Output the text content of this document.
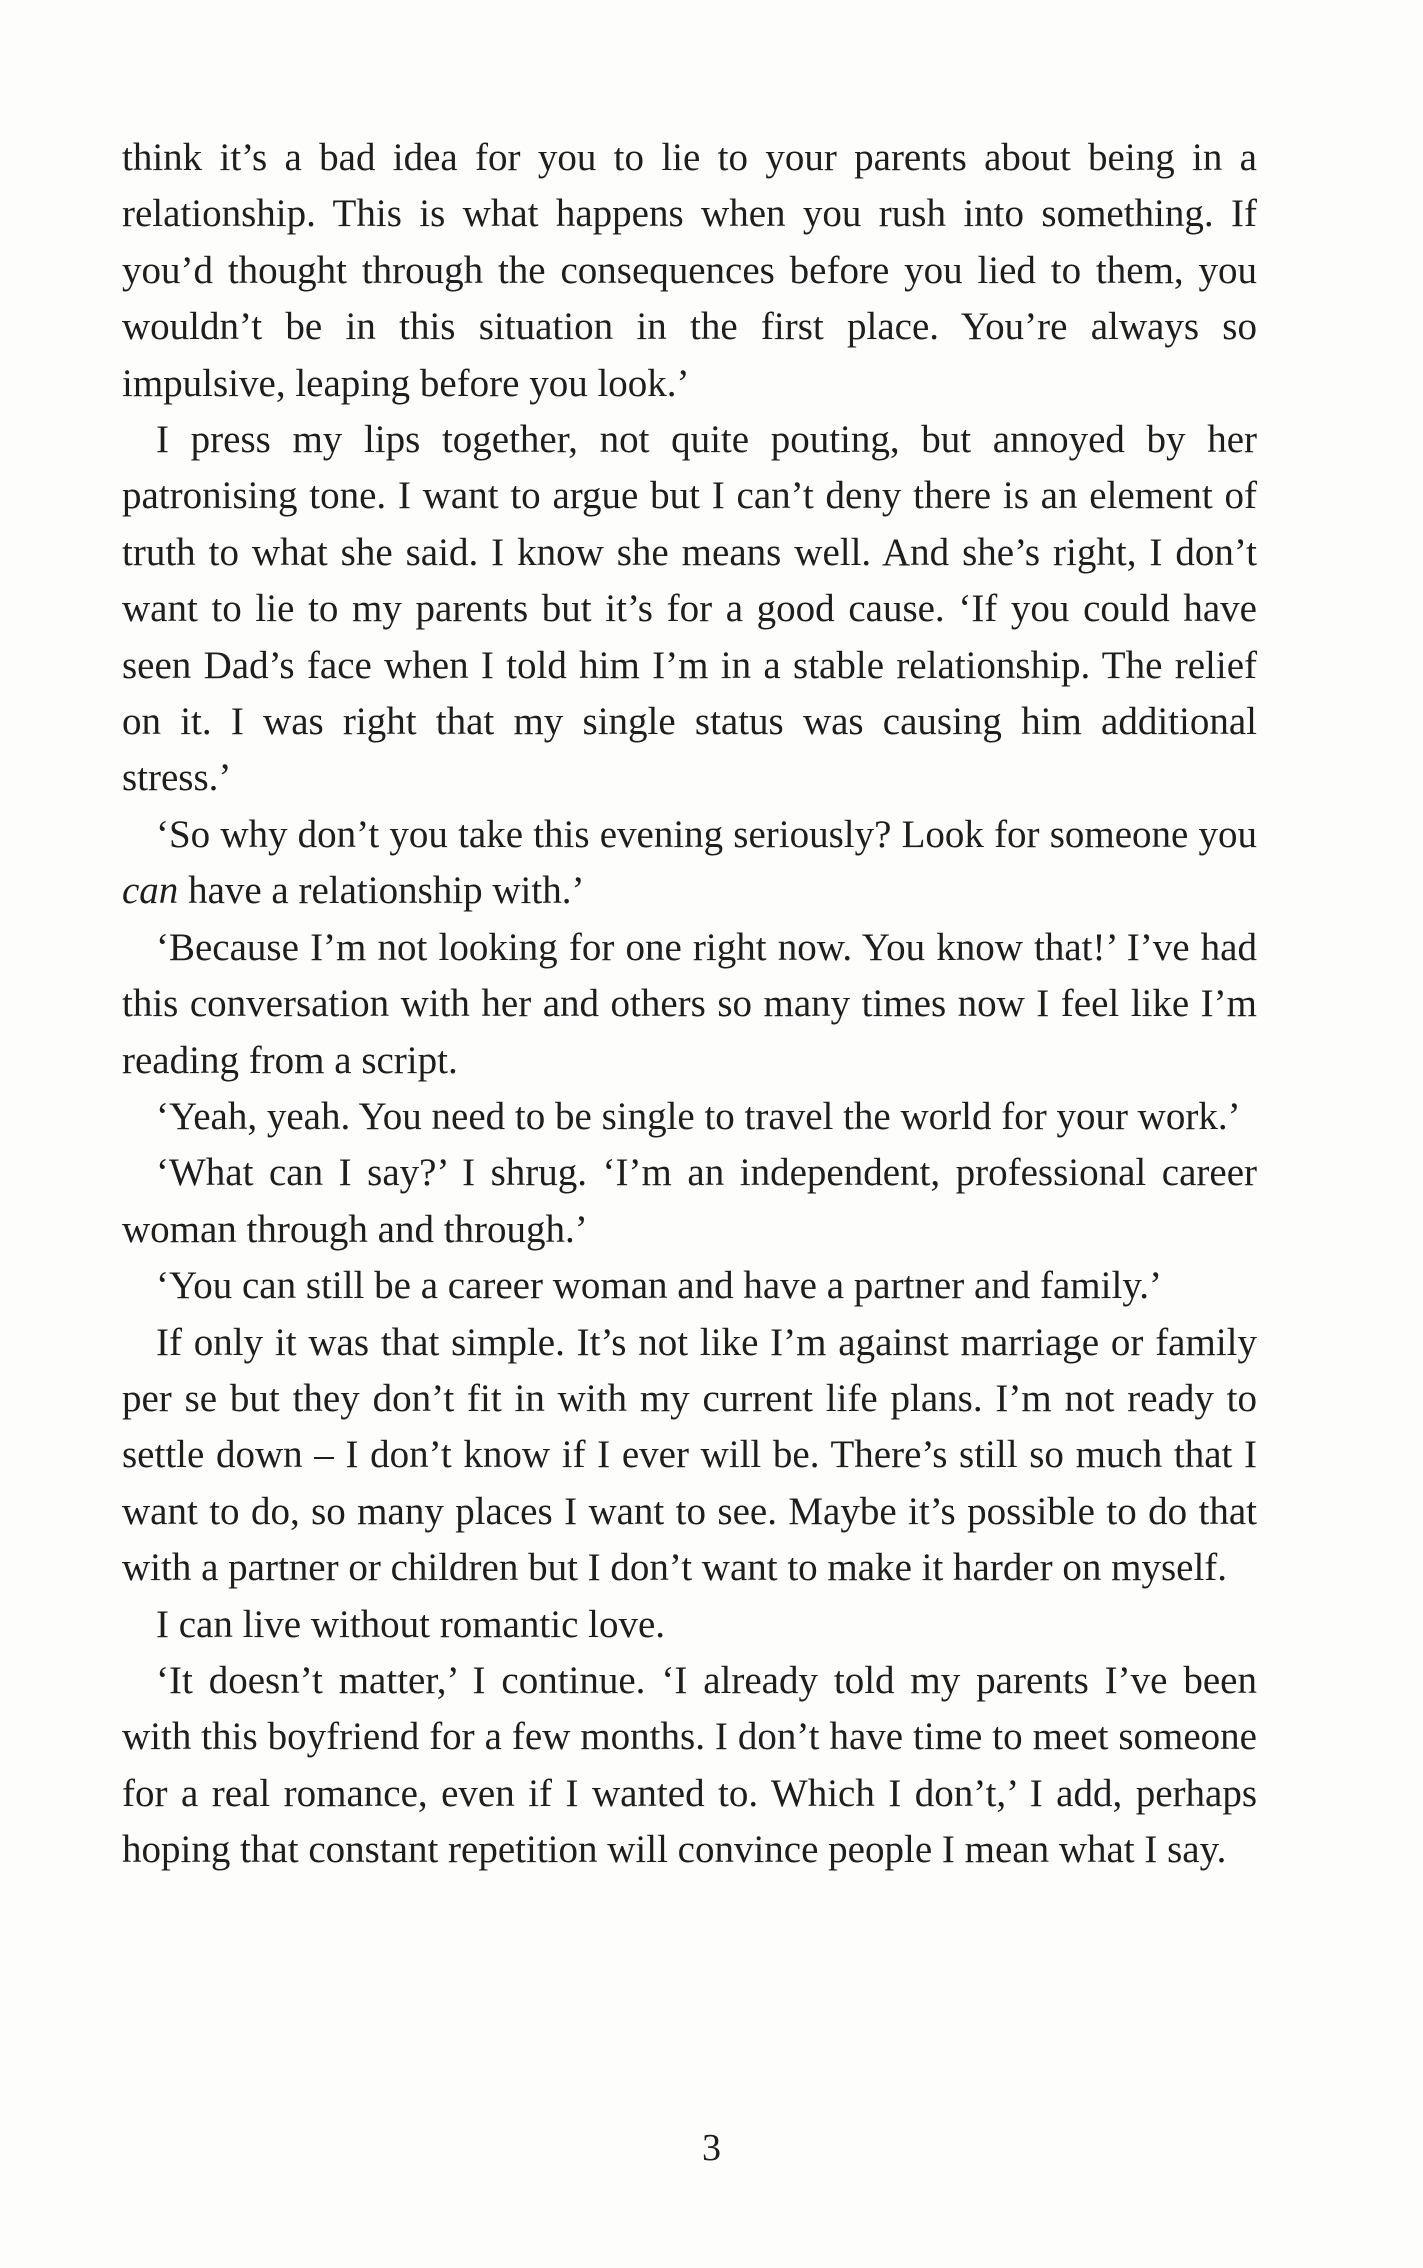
think it’s a bad idea for you to lie to your parents about being in a relationship. This is what happens when you rush into something. If you’d thought through the consequences before you lied to them, you wouldn’t be in this situation in the first place. You’re always so impulsive, leaping before you look.’

I press my lips together, not quite pouting, but annoyed by her patronising tone. I want to argue but I can’t deny there is an element of truth to what she said. I know she means well. And she’s right, I don’t want to lie to my parents but it’s for a good cause. ‘If you could have seen Dad’s face when I told him I’m in a stable relationship. The relief on it. I was right that my single status was causing him additional stress.’

‘So why don’t you take this evening seriously? Look for someone you can have a relationship with.’

‘Because I’m not looking for one right now. You know that!’ I’ve had this conversation with her and others so many times now I feel like I’m reading from a script.

‘Yeah, yeah. You need to be single to travel the world for your work.’

‘What can I say?’ I shrug. ‘I’m an independent, professional career woman through and through.’

‘You can still be a career woman and have a partner and family.’

If only it was that simple. It’s not like I’m against marriage or family per se but they don’t fit in with my current life plans. I’m not ready to settle down – I don’t know if I ever will be. There’s still so much that I want to do, so many places I want to see. Maybe it’s possible to do that with a partner or children but I don’t want to make it harder on myself.

I can live without romantic love.

‘It doesn’t matter,’ I continue. ‘I already told my parents I’ve been with this boyfriend for a few months. I don’t have time to meet someone for a real romance, even if I wanted to. Which I don’t,’ I add, perhaps hoping that constant repetition will convince people I mean what I say.

3
